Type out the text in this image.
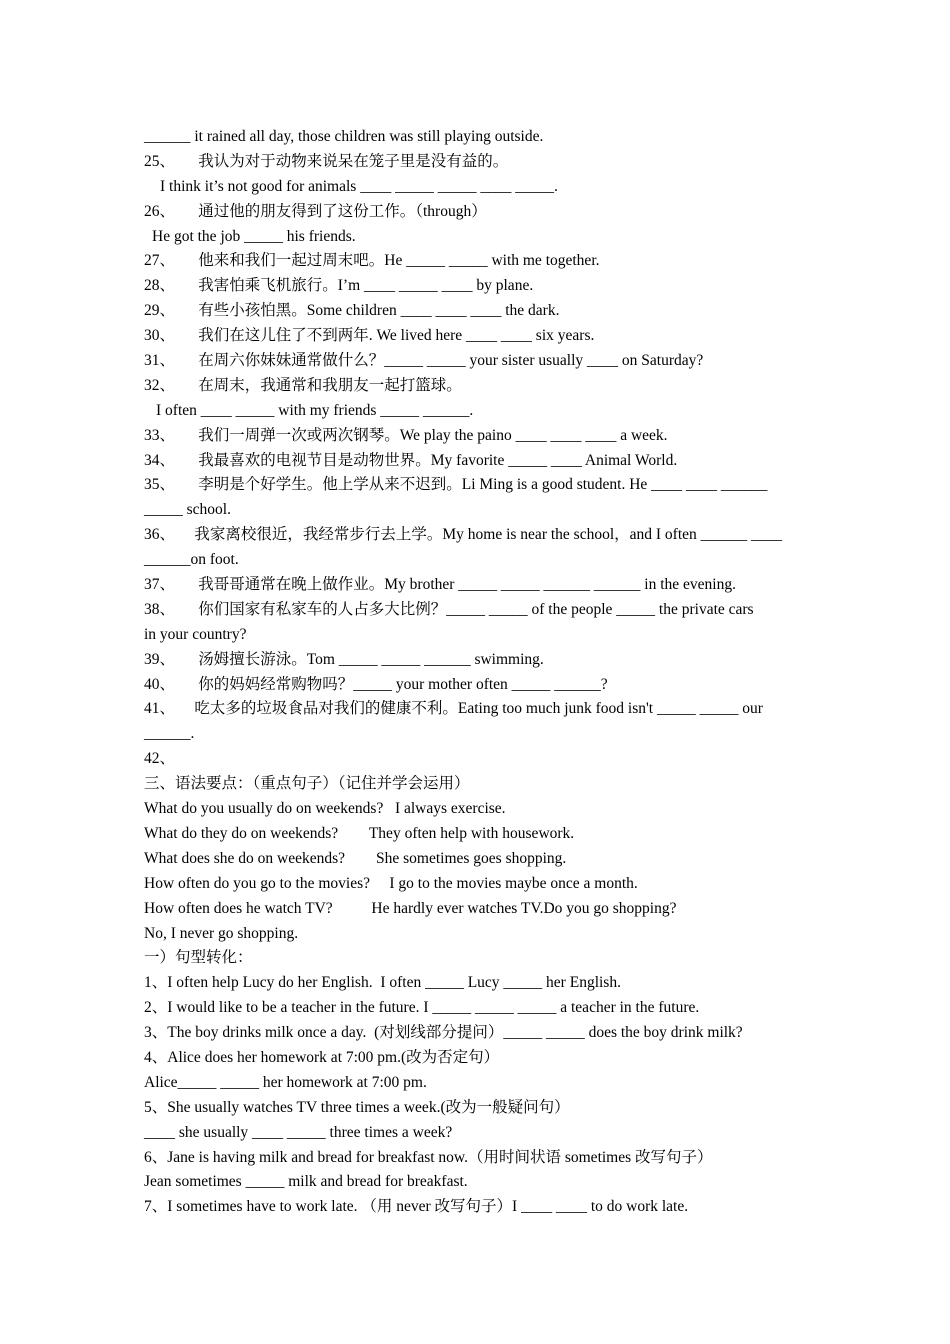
______ it rained all day, those children was still playing outside.
25、      我认为对于动物来说呆在笼子里是没有益的。
I think it’s not good for animals ____ _____ _____ ____ _____.
26、      通过他的朋友得到了这份工作。（through）
He got the job _____ his friends.
27、      他来和我们一起过周末吧。He _____ _____ with me together.
28、      我害怕乘飞机旅行。I’m ____ _____ ____ by plane.
29、      有些小孩怕黑。Some children ____ ____ ____ the dark.
30、      我们在这儿住了不到两年. We lived here ____ ____ six years.
31、      在周六你妹妹通常做什么？_____ _____ your sister usually ____ on Saturday?
32、      在周末，我通常和我朋友一起打篮球。
I often ____ _____ with my friends _____ ______.
33、      我们一周弹一次或两次钢琴。We play the paino ____ ____ ____ a week.
34、      我最喜欢的电视节目是动物世界。My favorite _____ ____ Animal World.
35、      李明是个好学生。他上学从来不迟到。Li Ming is a good student. He ____ ____ ______
_____ school.
36、     我家离校很近，我经常步行去上学。My home is near the school，and I often ______ ____
______on foot.
37、      我哥哥通常在晚上做作业。My brother _____ _____ ______ ______ in the evening.
38、      你们国家有私家车的人占多大比例？_____ _____ of the people _____ the private cars
in your country?
39、      汤姆擅长游泳。Tom _____ _____ ______ swimming.
40、      你的妈妈经常购物吗？_____ your mother often _____ ______?
41、     吃太多的垃圾食品对我们的健康不利。Eating too much junk food isn't _____ _____ our
______.
42、
三、语法要点：（重点句子）（记住并学会运用）
What do you usually do on weekends?   I always exercise.
What do they do on weekends?        They often help with housework.
What does she do on weekends?        She sometimes goes shopping.
How often do you go to the movies?     I go to the movies maybe once a month.
How often does he watch TV?          He hardly ever watches TV.Do you go shopping?
No, I never go shopping.
一）句型转化：
1、I often help Lucy do her English.  I often _____ Lucy _____ her English.
2、I would like to be a teacher in the future. I _____ _____ _____ a teacher in the future.
3、The boy drinks milk once a day.  (对划线部分提问）_____ _____ does the boy drink milk?
4、Alice does her homework at 7:00 pm.(改为否定句）
Alice_____ _____ her homework at 7:00 pm.
5、She usually watches TV three times a week.(改为一般疑问句）
____ she usually ____ _____ three times a week?
6、Jane is having milk and bread for breakfast now.（用时间状语 sometimes 改写句子）
Jean sometimes _____ milk and bread for breakfast.
7、I sometimes have to work late. （用 never 改写句子）I ____ ____ to do work late.
